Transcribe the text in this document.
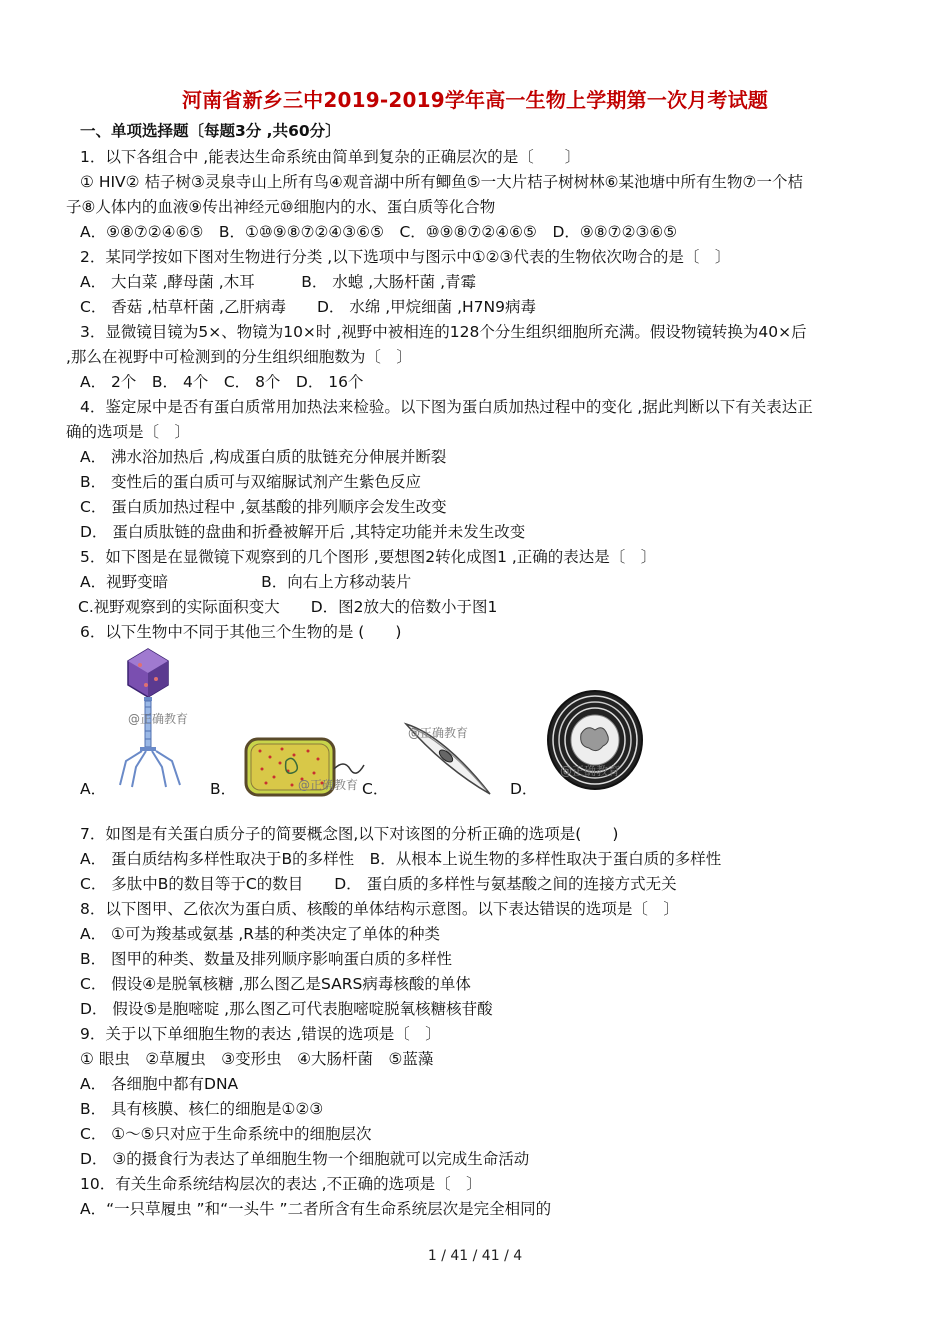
河南省新乡三中2019-2019学年高一生物上学期第一次月考试题
一、单项选择题〔每题3分 ,共60分〕
1．以下各组合中 ,能表达生命系统由简单到复杂的正确层次的是〔　　〕
① HIV② 桔子树③灵泉寺山上所有鸟④观音湖中所有鲫鱼⑤一大片桔子树树林⑥某池塘中所有生物⑦一个桔
子⑧人体内的血液⑨传出神经元⑩细胞内的水、蛋白质等化合物
A．⑨⑧⑦②④⑥⑤　B．①⑩⑨⑧⑦②④③⑥⑤　C．⑩⑨⑧⑦②④⑥⑤　D．⑨⑧⑦②③⑥⑤
2．某同学按如下图对生物进行分类 ,以下选项中与图示中①②③代表的生物依次吻合的是〔　〕
A． 大白菜 ,酵母菌 ,木耳　　　B． 水螅 ,大肠杆菌 ,青霉
C． 香菇 ,枯草杆菌 ,乙肝病毒　　D． 水绵 ,甲烷细菌 ,H7N9病毒
3．显微镜目镜为5×、物镜为10×时 ,视野中被相连的128个分生组织细胞所充满。假设物镜转换为40×后
,那么在视野中可检测到的分生组织细胞数为〔　〕
A． 2个　B． 4个　C． 8个　D． 16个
4．鉴定尿中是否有蛋白质常用加热法来检验。以下图为蛋白质加热过程中的变化 ,据此判断以下有关表达正
确的选项是〔　〕
A． 沸水浴加热后 ,构成蛋白质的肽链充分伸展并断裂
B． 变性后的蛋白质可与双缩脲试剂产生紫色反应
C． 蛋白质加热过程中 ,氨基酸的排列顺序会发生改变
D． 蛋白质肽链的盘曲和折叠被解开后 ,其特定功能并未发生改变
5．如下图是在显微镜下观察到的几个图形 ,要想图2转化成图1 ,正确的表达是〔　〕
A．视野变暗　　　　　　B．向右上方移动装片
C.视野观察到的实际面积变大　　D．图2放大的倍数小于图1
6．以下生物中不同于其他三个生物的是 (　　)
A．	B．	C．	D．
@正确教育
@正确教育
@正确教育
@正确教育
7．如图是有关蛋白质分子的简要概念图,以下对该图的分析正确的选项是(　　)
A． 蛋白质结构多样性取决于B的多样性　B．从根本上说生物的多样性取决于蛋白质的多样性
C． 多肽中B的数目等于C的数目　　D． 蛋白质的多样性与氨基酸之间的连接方式无关
8．以下图甲、乙依次为蛋白质、核酸的单体结构示意图。以下表达错误的选项是〔　〕
A． ①可为羧基或氨基 ,R基的种类决定了单体的种类
B． 图甲的种类、数量及排列顺序影响蛋白质的多样性
C． 假设④是脱氧核糖 ,那么图乙是SARS病毒核酸的单体
D． 假设⑤是胞嘧啶 ,那么图乙可代表胞嘧啶脱氧核糖核苷酸
9．关于以下单细胞生物的表达 ,错误的选项是〔　〕
① 眼虫　②草履虫　③变形虫　④大肠杆菌　⑤蓝藻
A． 各细胞中都有DNA
B． 具有核膜、核仁的细胞是①②③
C． ①～⑤只对应于生命系统中的细胞层次
D． ③的摄食行为表达了单细胞生物一个细胞就可以完成生命活动
10．有关生命系统结构层次的表达 ,不正确的选项是〔　〕
A．“一只草履虫 ”和“一头牛 ”二者所含有生命系统层次是完全相同的
1 / 41 / 41 / 4
